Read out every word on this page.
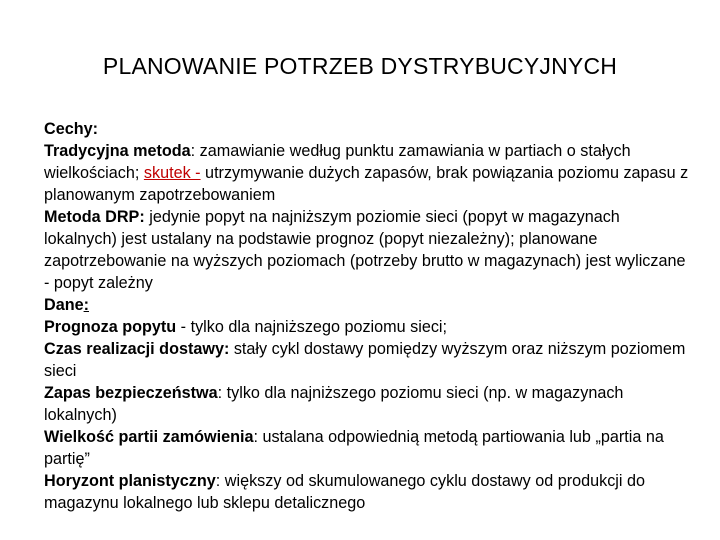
PLANOWANIE POTRZEB DYSTRYBUCYJNYCH

Cechy:

Tradycyjna metoda: zamawianie według punktu zamawiania w partiach o stałych wielkościach; skutek - utrzymywanie dużych zapasów, brak powiązania poziomu zapasu z planowanym zapotrzebowaniem

Metoda DRP: jedynie popyt na najniższym poziomie sieci (popyt w magazynach lokalnych) jest ustalany na podstawie prognoz (popyt niezależny); planowane zapotrzebowanie na wyższych poziomach (potrzeby brutto w magazynach) jest wyliczane - popyt zależny

Dane:

Prognoza popytu - tylko dla najniższego poziomu sieci;

Czas realizacji dostawy: stały cykl dostawy pomiędzy wyższym oraz niższym poziomem sieci

Zapas bezpieczeństwa: tylko dla najniższego poziomu sieci (np. w magazynach lokalnych)

Wielkość partii zamówienia: ustalana odpowiednią metodą partiowania lub „partia na partię”

Horyzont planistyczny: większy od skumulowanego cyklu dostawy od produkcji do magazynu lokalnego lub sklepu detalicznego
